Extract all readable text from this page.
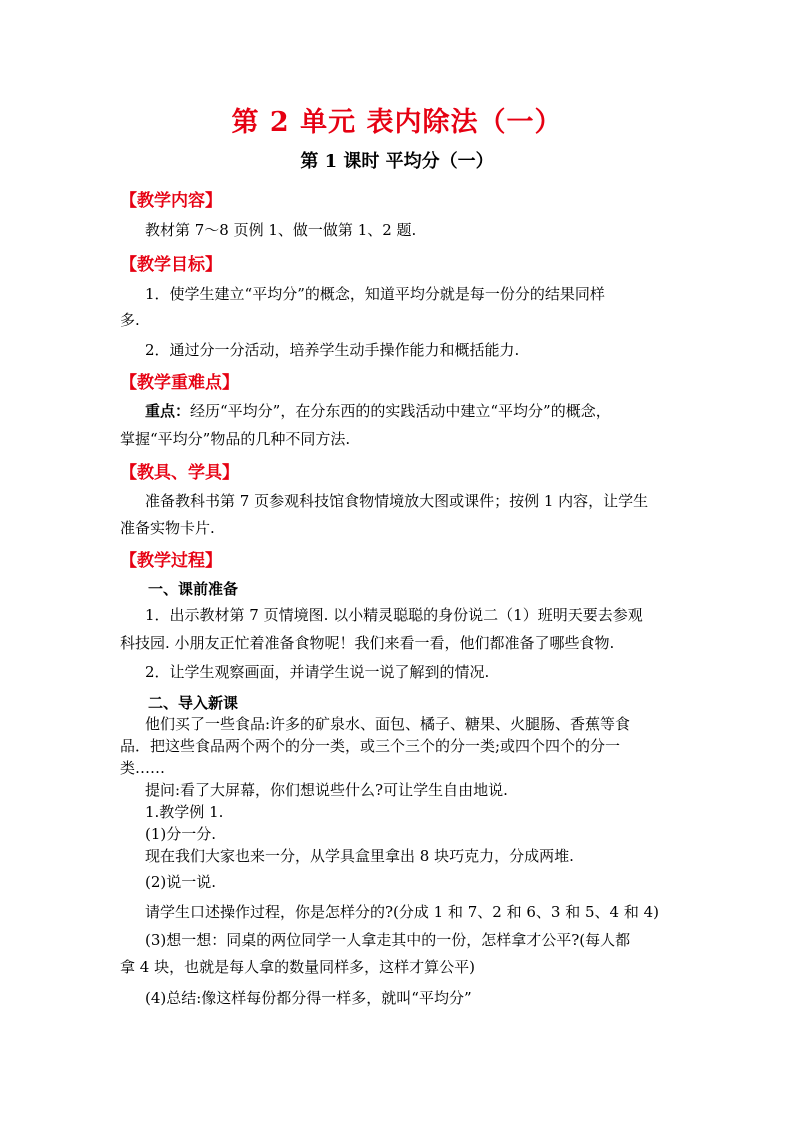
第 2 单元 表内除法（一）
第 1 课时 平均分（一）
【教学内容】
教材第 7～8 页例 1、做一做第 1、2 题.
【教学目标】
1．使学生建立“平均分”的概念，知道平均分就是每一份分的结果同样
多.
2．通过分一分活动，培养学生动手操作能力和概括能力.
【教学重难点】
重点：经历“平均分”，在分东西的的实践活动中建立“平均分”的概念，
掌握“平均分”物品的几种不同方法.
【教具、学具】
准备教科书第 7 页参观科技馆食物情境放大图或课件；按例 1 内容，让学生
准备实物卡片.
【教学过程】
一、课前准备
1．出示教材第 7 页情境图. 以小精灵聪聪的身份说二（1）班明天要去参观
科技园. 小朋友正忙着准备食物呢！我们来看一看，他们都准备了哪些食物.
2．让学生观察画面，并请学生说一说了解到的情况.
二、导入新课
他们买了一些食品:许多的矿泉水、面包、橘子、糖果、火腿肠、香蕉等食
品．把这些食品两个两个的分一类，或三个三个的分一类;或四个四个的分一
类……
提问:看了大屏幕，你们想说些什么?可让学生自由地说.
1.教学例 1.
(1)分一分.
现在我们大家也来一分，从学具盒里拿出 8 块巧克力，分成两堆.
(2)说一说.
请学生口述操作过程，你是怎样分的?(分成 1 和 7、2 和 6、3 和 5、4 和 4)
(3)想一想：同桌的两位同学一人拿走其中的一份，怎样拿才公平?(每人都
拿 4 块，也就是每人拿的数量同样多，这样才算公平)
(4)总结:像这样每份都分得一样多，就叫“平均分”
